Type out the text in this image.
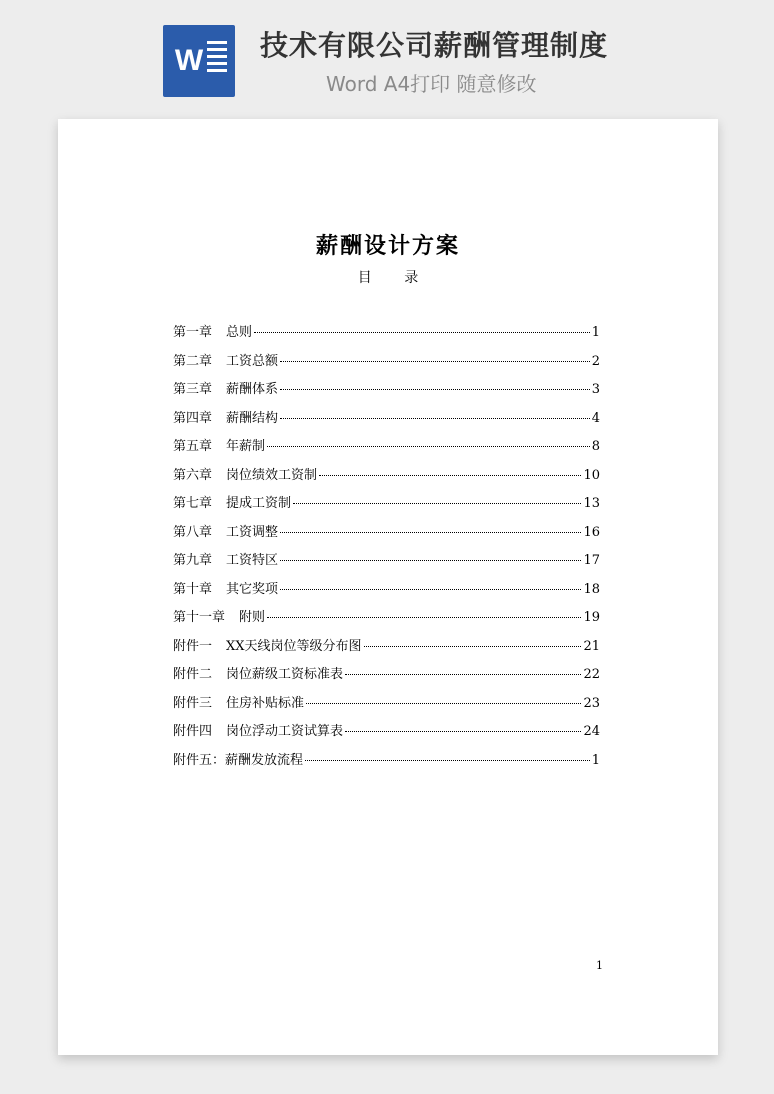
W 技术有限公司薪酬管理制度
Word A4打印 随意修改
薪酬设计方案
目 录
第一章 总则	1
第二章 工资总额	2
第三章 薪酬体系	3
第四章 薪酬结构	4
第五章 年薪制	8
第六章 岗位绩效工资制	10
第七章 提成工资制	13
第八章 工资调整	16
第九章 工资特区	17
第十章 其它奖项	18
第十一章 附则	19
附件一 XX天线岗位等级分布图	21
附件二 岗位薪级工资标准表	22
附件三 住房补贴标准	23
附件四 岗位浮动工资试算表	24
附件五： 薪酬发放流程	1
1
